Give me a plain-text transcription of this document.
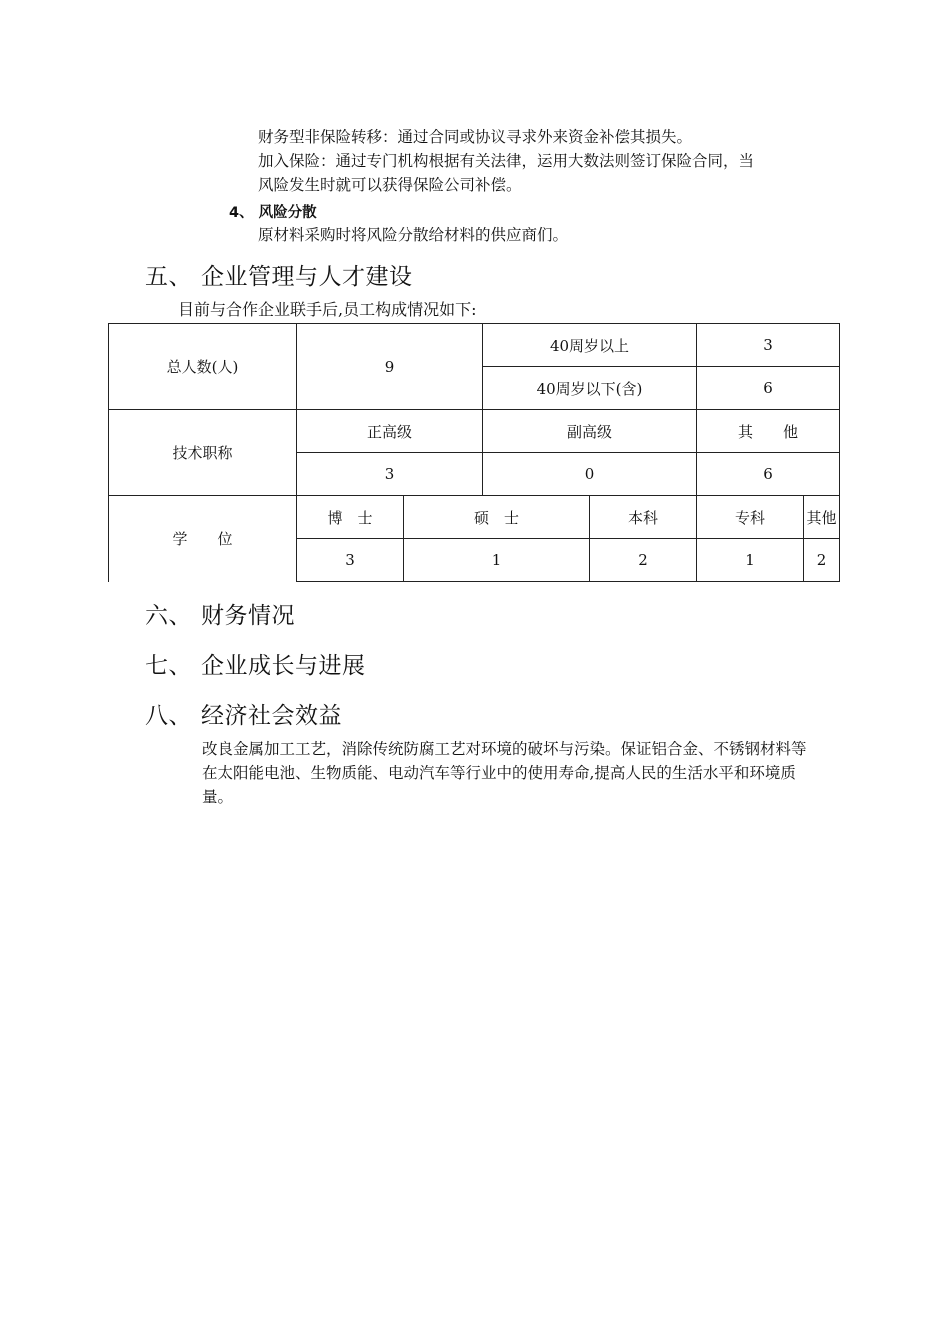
财务型非保险转移：通过合同或协议寻求外来资金补偿其损失。
加入保险：通过专门机构根据有关法律，运用大数法则签订保险合同，当
风险发生时就可以获得保险公司补偿。
4、 风险分散
原材料采购时将风险分散给材料的供应商们。
五、 企业管理与人才建设
目前与合作企业联手后,员工构成情况如下:
总人数(人)	9		40周岁以上		3	
			40周岁以下(含)		6	
技术职称	正高级		副高级		其　　他	
	3		0		6	
学　　位	博　士	硕　士		本科	专科	其他
	3	1		2	1	2
六、 财务情况
七、 企业成长与进展
八、 经济社会效益
改良金属加工工艺，消除传统防腐工艺对环境的破坏与污染。保证铝合金、不锈钢材料等在太阳能电池、生物质能、电动汽车等行业中的使用寿命,提高人民的生活水平和环境质量。
